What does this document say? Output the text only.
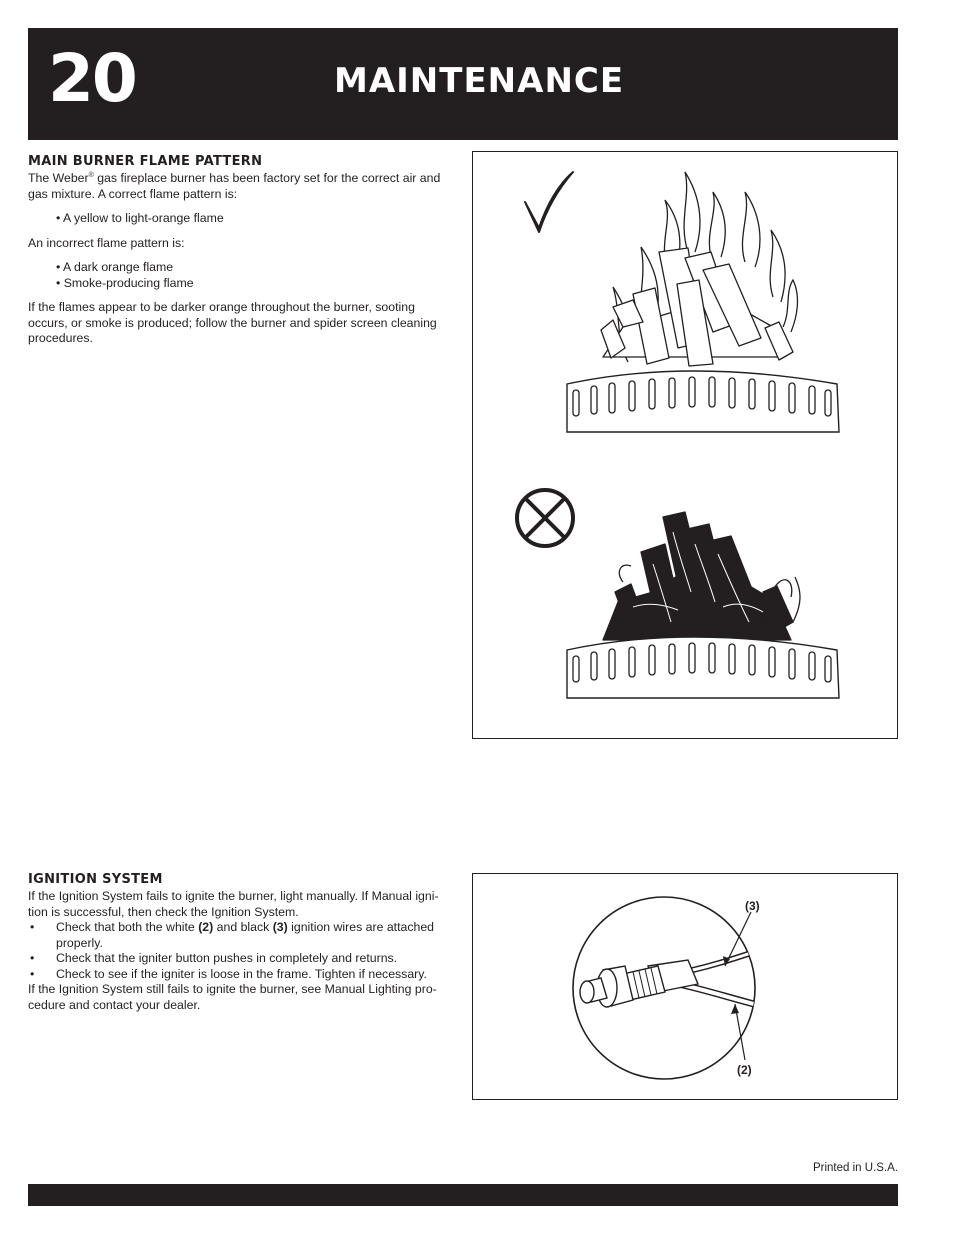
20	MAINTENANCE
MAIN BURNER FLAME PATTERN

The Weber® gas fireplace burner has been factory set for the correct air and gas mixture. A correct flame pattern is:

• A yellow to light-orange flame

An incorrect flame pattern is:

• A dark orange flame

• Smoke-producing flame

If the flames appear to be darker orange throughout the burner, sooting occurs, or smoke is produced; follow the burner and spider screen cleaning procedures.

IGNITION SYSTEM

If the Ignition System fails to ignite the burner, light manually. If Manual igni-tion is successful, then check the Ignition System.

• Check that both the white (2) and black (3) ignition wires are attached properly.
• Check that the igniter button pushes in completely and returns.
• Check to see if the igniter is loose in the frame. Tighten if necessary.

If the Ignition System still fails to ignite the burner, see Manual Lighting pro-cedure and contact your dealer.

(3)
(2)
Printed in U.S.A.
